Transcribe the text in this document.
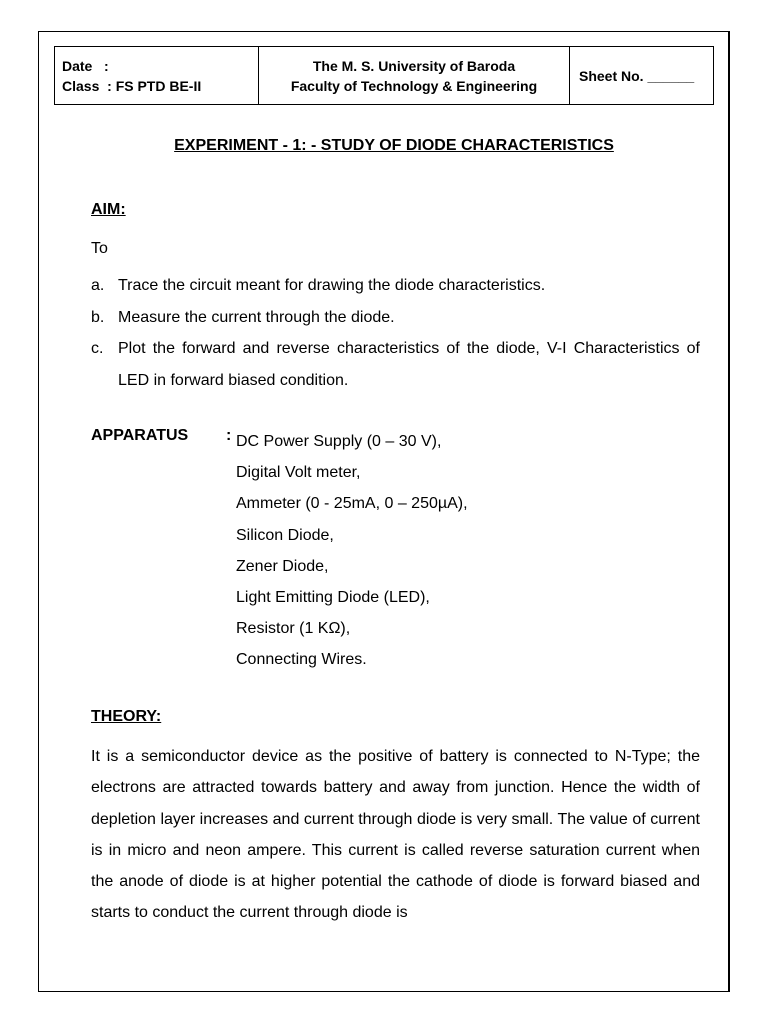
Date   :
Class  : FS PTD BE-II

The M. S. University of Baroda
Faculty of Technology & Engineering
	Sheet No. ______
EXPERIMENT - 1: - STUDY OF DIODE CHARACTERISTICS
AIM:
To
a. Trace the circuit meant for drawing the diode characteristics.
b. Measure the current through the diode.
c. Plot the forward and reverse characteristics of the diode, V-I Characteristics of LED in forward biased condition.
APPARATUS : DC Power Supply (0 – 30 V),
Digital Volt meter,
Ammeter (0 - 25mA, 0 – 250µA),
Silicon Diode,
Zener Diode,
Light Emitting Diode (LED),
Resistor (1 KΩ),
Connecting Wires.
THEORY:

It is a semiconductor device as the positive of battery is connected to N-Type; the electrons are attracted towards battery and away from junction. Hence the width of depletion layer increases and current through diode is very small. The value of current is in micro and neon ampere. This current is called reverse saturation current when the anode of diode is at higher potential the cathode of diode is forward biased and starts to conduct the current through diode is
